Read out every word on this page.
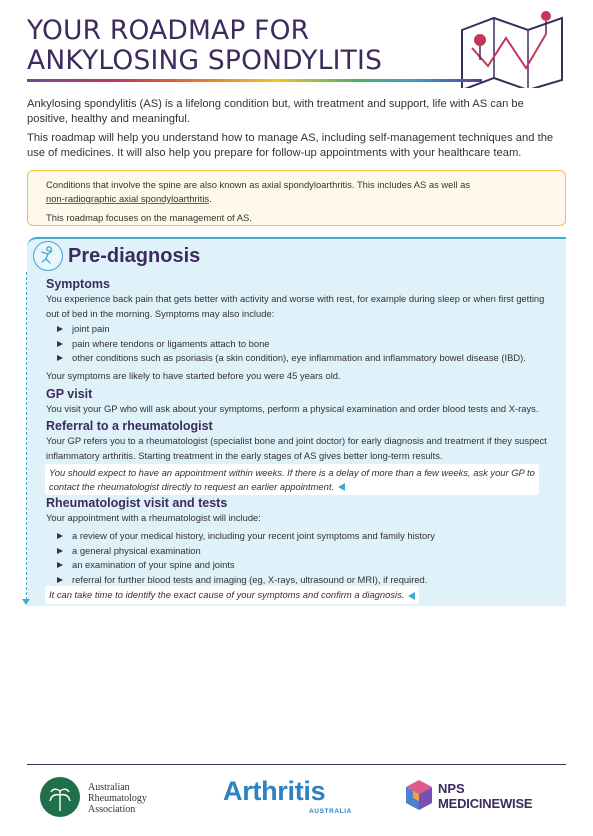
YOUR ROADMAP FOR
ANKYLOSING SPONDYLITIS

Ankylosing spondylitis (AS) is a lifelong condition but, with treatment and support, life with AS can be positive, healthy and meaningful.

This roadmap will help you understand how to manage AS, including self-management techniques and the use of medicines. It will also help you prepare for follow-up appointments with your healthcare team.

Conditions that involve the spine are also known as axial spondyloarthritis. This includes AS as well as
non-radiographic axial spondyloarthritis.
This roadmap focuses on the management of AS.
Pre-diagnosis
Symptoms

You experience back pain that gets better with activity and worse with rest, for example during sleep or when first getting out of bed in the morning. Symptoms may also include:

joint pain
pain where tendons or ligaments attach to bone
other conditions such as psoriasis (a skin condition), eye inflammation and inflammatory bowel disease (IBD).

Your symptoms are likely to have started before you were 45 years old.

GP visit

You visit your GP who will ask about your symptoms, perform a physical examination and order blood tests and X-rays.

Referral to a rheumatologist

Your GP refers you to a rheumatologist (specialist bone and joint doctor) for early diagnosis and treatment if they suspect inflammatory arthritis. Starting treatment in the early stages of AS gives better long-term results.

You should expect to have an appointment within weeks. If there is a delay of more than a few weeks, ask your GP to
contact the rheumatologist directly to request an earlier appointment.
Rheumatologist visit and tests

Your appointment with a rheumatologist will include:

a review of your medical history, including your recent joint symptoms and family history
a general physical examination
an examination of your spine and joints
referral for further blood tests and imaging (eg, X-rays, ultrasound or MRI), if required.
It can take time to identify the exact cause of your symptoms and confirm a diagnosis.
Australian
Rheumatology
Association
Arthritis
AUSTRALIA
NPS
MEDICINEWISE
